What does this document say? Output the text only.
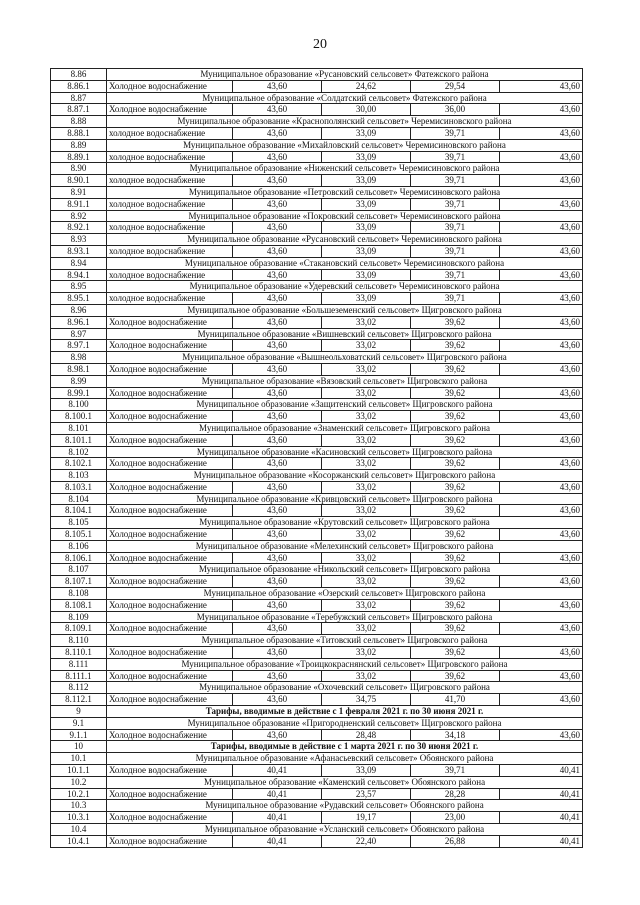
20
8.86	Муниципальное образование «Русановский сельсовет» Фатежского района				
8.86.1	Холодное водоснабжение	43,60	24,62	29,54	43,60
8.87	Муниципальное образование «Солдатский сельсовет» Фатежского района				
8.87.1	Холодное водоснабжение	43,60	30,00	36,00	43,60
8.88	Муниципальное образование «Краснополянский сельсовет» Черемисиновского района				
8.88.1	холодное водоснабжение	43,60	33,09	39,71	43,60
8.89	Муниципальное образование «Михайловский сельсовет» Черемисиновского района				
8.89.1	холодное водоснабжение	43,60	33,09	39,71	43,60
8.90	Муниципальное образование «Ниженский сельсовет» Черемисиновского района				
8.90.1	холодное водоснабжение	43,60	33,09	39,71	43,60
8.91	Муниципальное образование «Петровский сельсовет» Черемисиновского района				
8.91.1	холодное водоснабжение	43,60	33,09	39,71	43,60
8.92	Муниципальное образование «Покровский сельсовет» Черемисиновского района				
8.92.1	холодное водоснабжение	43,60	33,09	39,71	43,60
8.93	Муниципальное образование «Русановский сельсовет» Черемисиновского района				
8.93.1	холодное водоснабжение	43,60	33,09	39,71	43,60
8.94	Муниципальное образование «Стакановский сельсовет» Черемисиновского района				
8.94.1	холодное водоснабжение	43,60	33,09	39,71	43,60
8.95	Муниципальное образование «Удеревский сельсовет» Черемисиновского района				
8.95.1	холодное водоснабжение	43,60	33,09	39,71	43,60
8.96	Муниципальное образование «Большеземенский сельсовет» Щигровского района				
8.96.1	Холодное водоснабжение	43,60	33,02	39,62	43,60
8.97	Муниципальное образование «Вишневский сельсовет» Щигровского района				
8.97.1	Холодное водоснабжение	43,60	33,02	39,62	43,60
8.98	Муниципальное образование «Вышнеольховатский сельсовет» Щигровского района				
8.98.1	Холодное водоснабжение	43,60	33,02	39,62	43,60
8.99	Муниципальное образование «Вязовский сельсовет» Щигровского района				
8.99.1	Холодное водоснабжение	43,60	33,02	39,62	43,60
8.100	Муниципальное образование «Защитенский сельсовет» Щигровского района				
8.100.1	Холодное водоснабжение	43,60	33,02	39,62	43,60
8.101	Муниципальное образование «Знаменский сельсовет» Щигровского района				
8.101.1	Холодное водоснабжение	43,60	33,02	39,62	43,60
8.102	Муниципальное образование «Касиновский сельсовет» Щигровского района				
8.102.1	Холодное водоснабжение	43,60	33,02	39,62	43,60
8.103	Муниципальное образование «Косоржанский сельсовет» Щигровского района				
8.103.1	Холодное водоснабжение	43,60	33,02	39,62	43,60
8.104	Муниципальное образование «Кривцовский сельсовет» Щигровского района				
8.104.1	Холодное водоснабжение	43,60	33,02	39,62	43,60
8.105	Муниципальное образование «Крутовский сельсовет» Щигровского района				
8.105.1	Холодное водоснабжение	43,60	33,02	39,62	43,60
8.106	Муниципальное образование «Мелехинский сельсовет» Щигровского района				
8.106.1	Холодное водоснабжение	43,60	33,02	39,62	43,60
8.107	Муниципальное образование «Никольский сельсовет» Щигровского района				
8.107.1	Холодное водоснабжение	43,60	33,02	39,62	43,60
8.108	Муниципальное образование «Озерский сельсовет» Щигровского района				
8.108.1	Холодное водоснабжение	43,60	33,02	39,62	43,60
8.109	Муниципальное образование «Теребужский сельсовет» Щигровского района				
8.109.1	Холодное водоснабжение	43,60	33,02	39,62	43,60
8.110	Муниципальное образование «Титовский сельсовет» Щигровского района				
8.110.1	Холодное водоснабжение	43,60	33,02	39,62	43,60
8.111	Муниципальное образование «Троицкокраснянский сельсовет» Щигровского района				
8.111.1	Холодное водоснабжение	43,60	33,02	39,62	43,60
8.112	Муниципальное образование «Охочевский сельсовет» Щигровского района				
8.112.1	Холодное водоснабжение	43,60	34,75	41,70	43,60
9	Тарифы, вводимые в действие с 1 февраля 2021 г. по 30 июня 2021 г.				
9.1	Муниципальное образование «Пригородненский сельсовет» Щигровского района				
9.1.1	Холодное водоснабжение	43,60	28,48	34,18	43,60
10	Тарифы, вводимые в действие с 1 марта 2021 г. по 30 июня 2021 г.				
10.1	Муниципальное образование «Афанасьевский сельсовет» Обоянского района				
10.1.1	Холодное водоснабжение	40,41	33,09	39,71	40,41
10.2	Муниципальное образование «Каменский сельсовет» Обоянского района				
10.2.1	Холодное водоснабжение	40,41	23,57	28,28	40,41
10.3	Муниципальное образование «Рудавский сельсовет» Обоянского района				
10.3.1	Холодное водоснабжение	40,41	19,17	23,00	40,41
10.4	Муниципальное образование «Усланский сельсовет» Обоянского района				
10.4.1	Холодное водоснабжение	40,41	22,40	26,88	40,41
